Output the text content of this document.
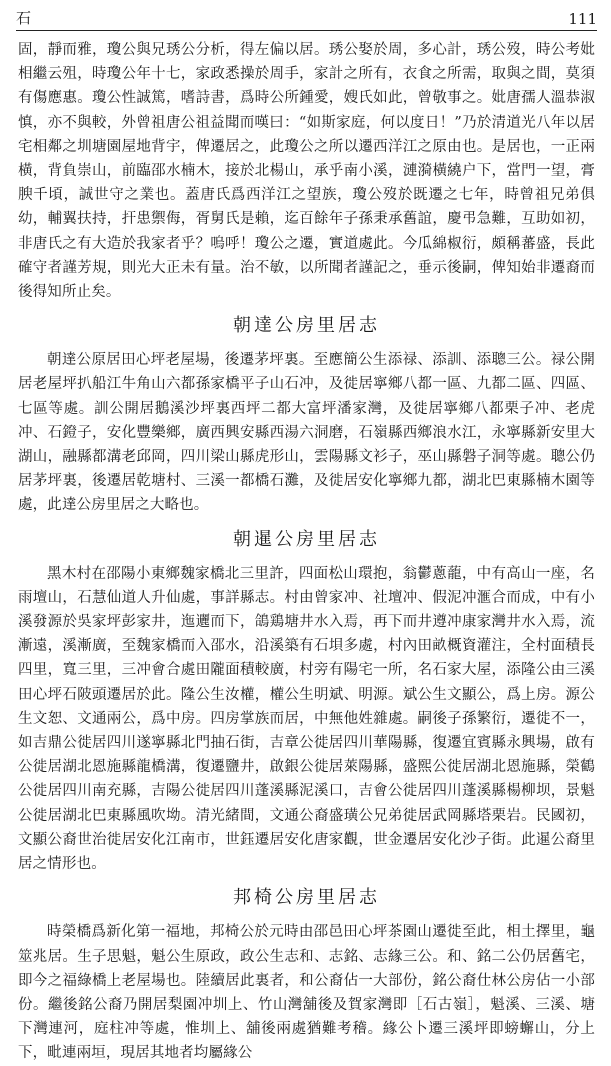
石	111

固，靜而雅，瓊公與兄琇公分析，得左偏以居。琇公娶於周，多心計，琇公歿，時公考妣相繼云殂，時瓊公年十七，家政悉操於周手，家計之所有，衣食之所需，取與之間，莫須有傷應惠。瓊公性誠篤，嗜詩書，爲時公所鍾愛，嫂氏如此，曾敬事之。妣唐孺人溫恭淑慎，亦不與較，外曾祖唐公祖益聞而嘆曰：“如斯家庭，何以度日！”乃於清道光八年以居宅相鄰之圳塘園屋地背宇，俾遷居之，此瓊公之所以遷西洋江之原由也。是居也，一正兩橫，背負崇山，前臨邵水楠木，接於北楊山，承乎南小溪，漣漪橫繞户下，當門一望，膏腴千頃，誠世守之業也。蓋唐氏爲西洋江之望族，瓊公歿於既遷之七年，時曾祖兄弟俱幼，輔翼扶持，扞患禦侮，胥舅氏是賴，迄百餘年子孫秉承舊誼，慶弔急難，互助如初，非唐氏之有大造於我家者乎？嗚呼！瓊公之遷，實道處此。今瓜綿椒衍，頗稱蕃盛，長此確守者謹芳規，則光大正未有量。治不敏，以所聞者謹記之，垂示後嗣，俾知始非遷裔而後得知所止矣。

朝達公房里居志

朝達公原居田心坪老屋場，後遷茅坪裏。至應簡公生添禄、添訓、添聰三公。禄公開居老屋坪扒船江牛角山六都孫家橋平子山石冲，及徙居寧鄉八都一區、九都二區、四區、七區等處。訓公開居鵝溪沙坪裏西坪二都大富坪潘家灣，及徙居寧鄉八都栗子冲、老虎冲、石鐙子，安化豐樂鄉，廣西興安縣西湯六洞磨，石嶺縣西鄉浪水江，永寧縣新安里大湖山，融縣都溝老邱岡，四川梁山縣虎形山，雲陽縣文衫子，巫山縣磐子洞等處。聰公仍居茅坪裏，後遷居乾塘村、三溪一都橋石灘，及徙居安化寧鄉九都，湖北巴東縣楠木園等處，此達公房里居之大略也。

朝暹公房里居志

黑木村在邵陽小東鄉魏家橋北三里許，四面松山環抱，翁鬱蔥蘢，中有高山一座，名雨壇山，石慧仙道人升仙處，事詳縣志。村由曾家冲、社壇冲、假泥冲滙合而成，中有小溪發源於吳家坪彭家井，迤邐而下，鴿鶏塘井水入焉，再下而井遵冲康家灣井水入焉，流漸遠，溪漸廣，至魏家橋而入邵水，沿溪築有石垻多處，村內田畝概資灌注，全村面積長四里，寬三里，三冲會合處田隴面積較廣，村旁有陽宅一所，名石家大屋，添隆公由三溪田心坪石陂頭遷居於此。隆公生汝權，權公生明斌、明源。斌公生文顯公，爲上房。源公生文恕、文通兩公，爲中房。四房掌族而居，中無他姓雜處。嗣後子孫繁衍，遷徙不一，如吉鼎公徙居四川遂寧縣北門抽石街，吉章公徙居四川華陽縣，復遷宜賓縣永興場，啟有公徙居湖北恩施縣龍橋溝，復遷鹽井，啟銀公徙居萊陽縣，盛熙公徙居湖北恩施縣，榮鶴公徙居四川南充縣，吉陽公徙居四川蓬溪縣泥溪口，吉會公徙居四川蓬溪縣楊柳坝，景魁公徙居湖北巴東縣風吹坳。清光緒間，文通公裔盛璜公兄弟徙居武岡縣塔栗岩。民國初，文顯公裔世治徙居安化江南市，世鈺遷居安化唐家觀，世金遷居安化沙子街。此暹公裔里居之情形也。

邦椅公房里居志

時榮橋爲新化第一福地，邦椅公於元時由邵邑田心坪茶園山遷徙至此，相土擇里，龜筮兆居。生子思魁，魁公生原政，政公生志和、志銘、志緣三公。和、銘二公仍居舊宅，即今之福綠橋上老屋場也。陸續居此裏者，和公裔佔一大部份，銘公裔仕林公房佔一小部份。繼後銘公裔乃開居梨園冲圳上、竹山灣舖後及賀家灣即［石古嶺］，魁溪、三溪、塘下灣連河，庭柱冲等處，惟圳上、舖後兩處猶難考稽。緣公卜遷三溪坪即螃蠏山，分上下，毗連兩垣，現居其地者均屬緣公
